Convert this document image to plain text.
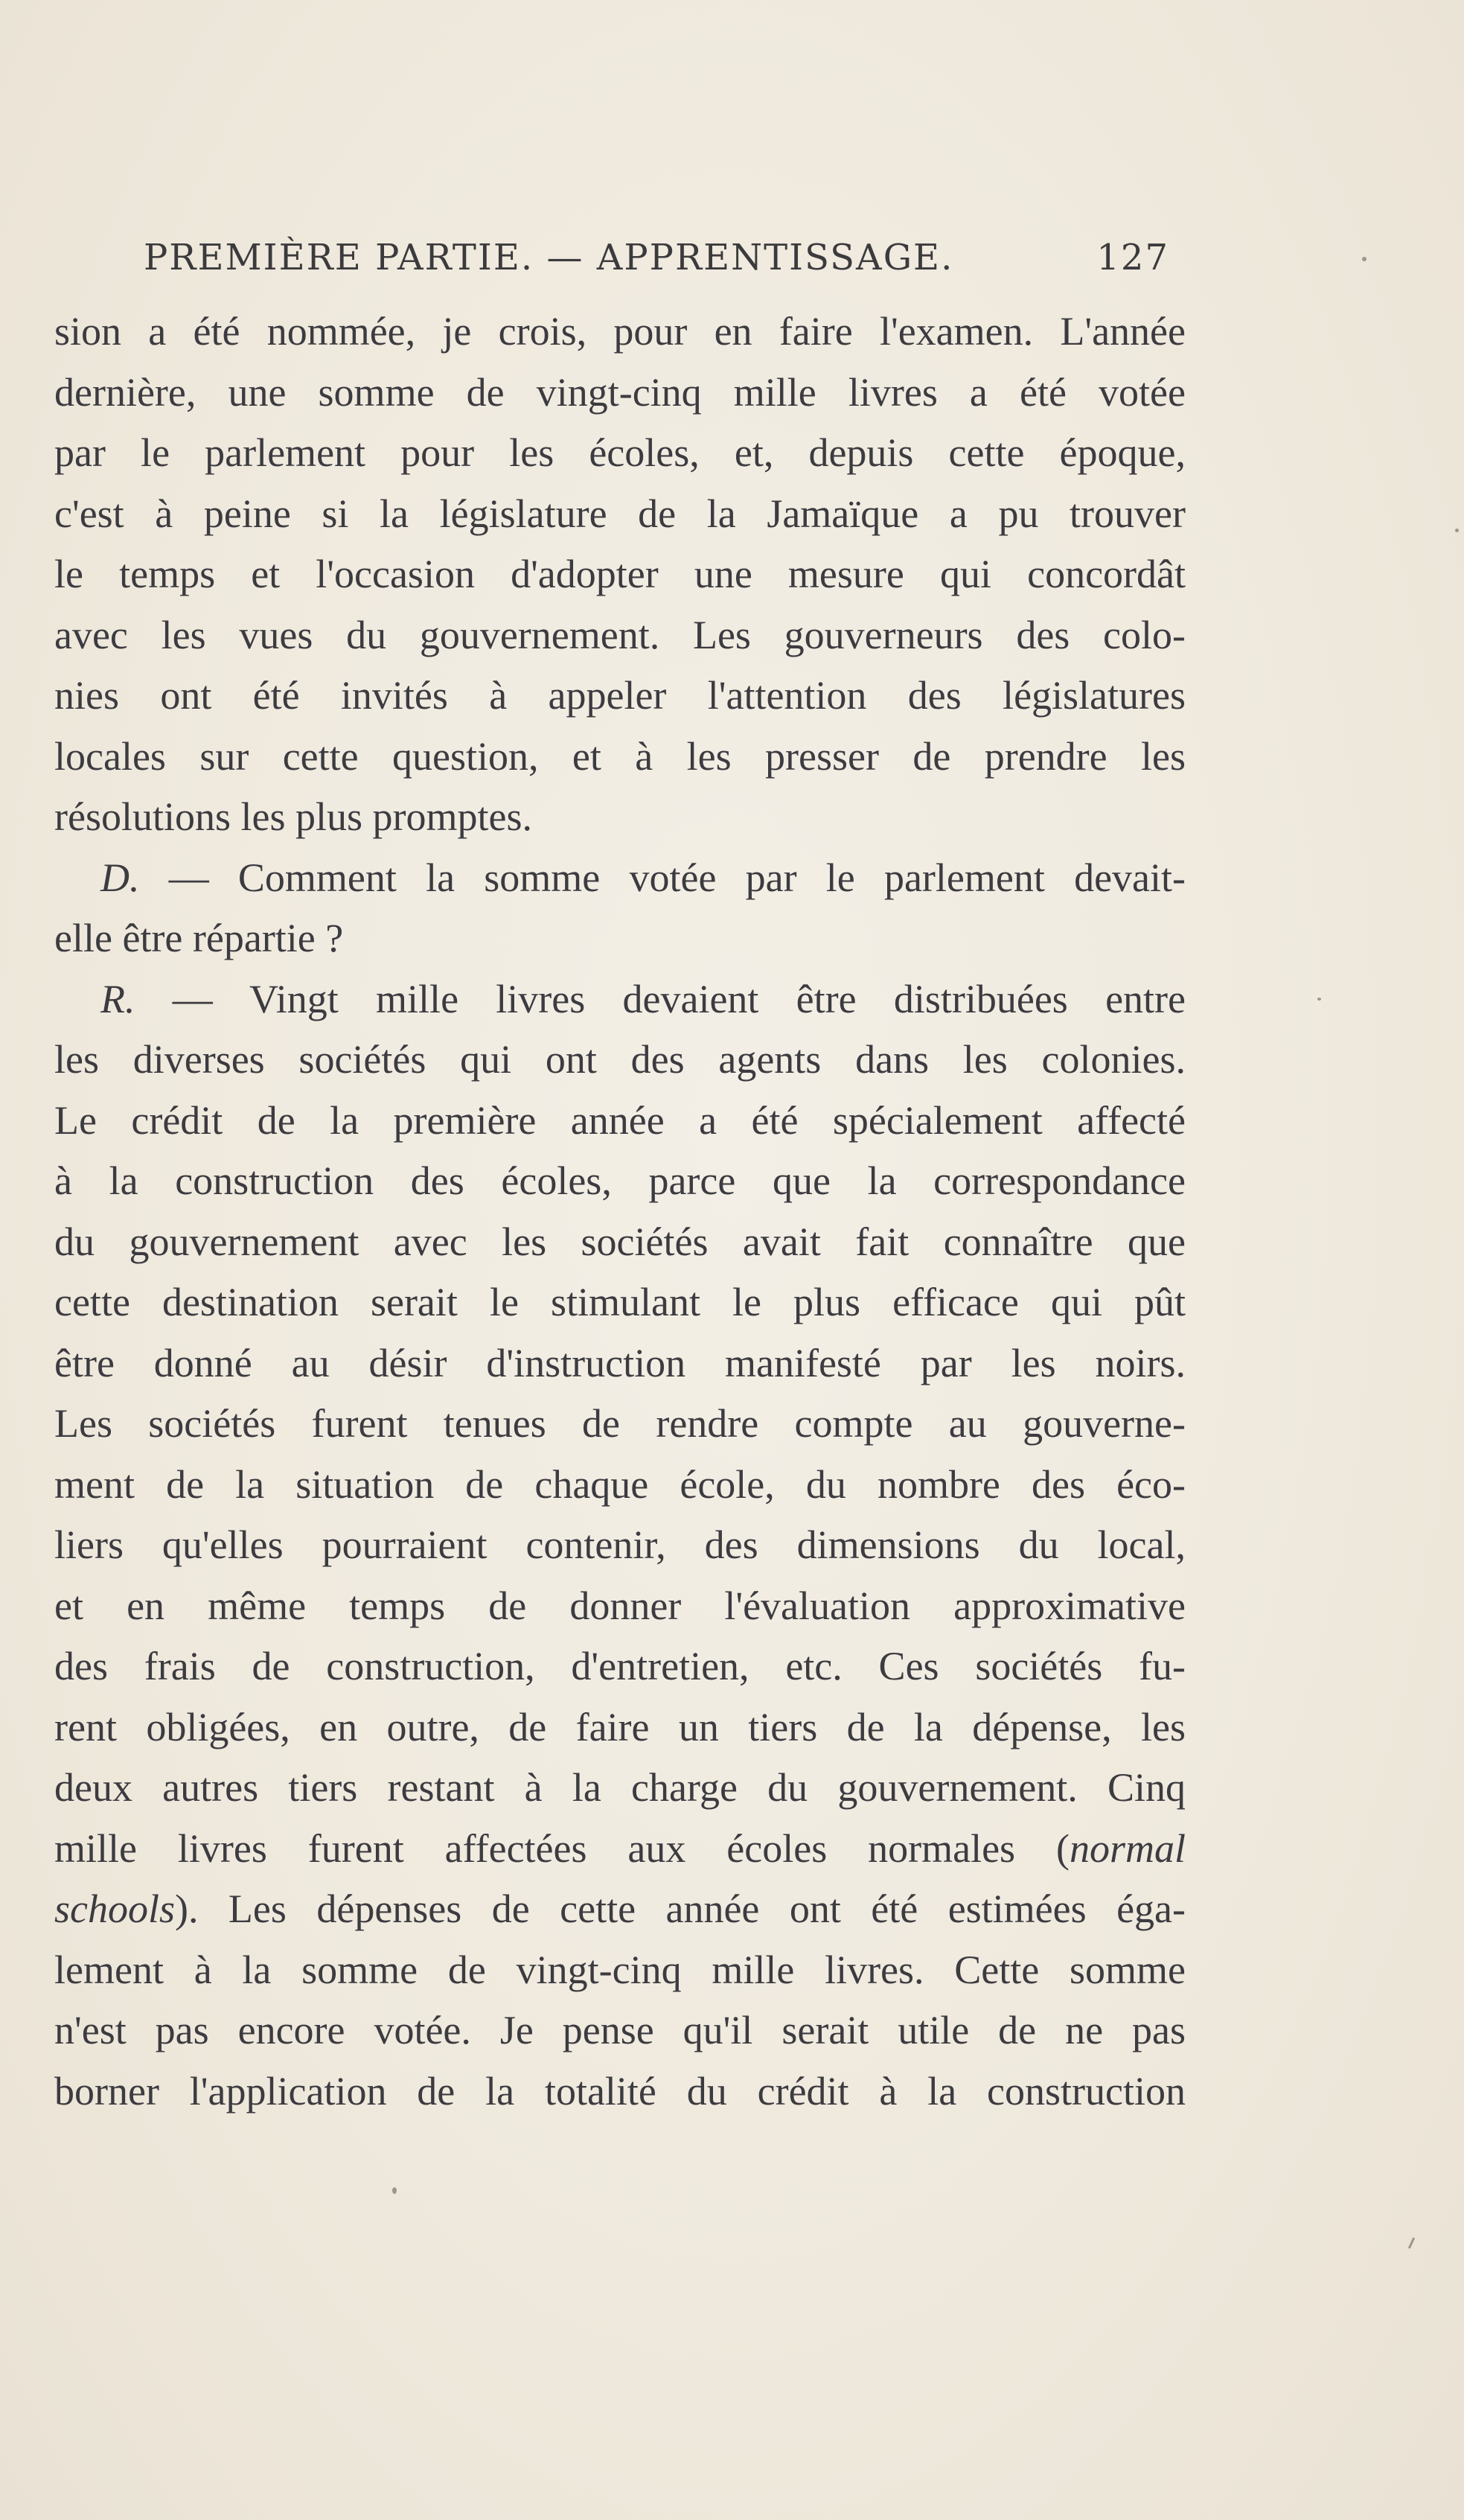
PREMIÈRE PARTIE. — APPRENTISSAGE.	127
sion a été nommée, je crois, pour en faire l'examen. L'année
dernière, une somme de vingt-cinq mille livres a été votée
par le parlement pour les écoles, et, depuis cette époque,
c'est à peine si la législature de la Jamaïque a pu trouver
le temps et l'occasion d'adopter une mesure qui concordât
avec les vues du gouvernement. Les gouverneurs des colo-
nies ont été invités à appeler l'attention des législatures
locales sur cette question, et à les presser de prendre les
résolutions les plus promptes.
D. — Comment la somme votée par le parlement devait-
elle être répartie ?
R. — Vingt mille livres devaient être distribuées entre
les diverses sociétés qui ont des agents dans les colonies.
Le crédit de la première année a été spécialement affecté
à la construction des écoles, parce que la correspondance
du gouvernement avec les sociétés avait fait connaître que
cette destination serait le stimulant le plus efficace qui pût
être donné au désir d'instruction manifesté par les noirs.
Les sociétés furent tenues de rendre compte au gouverne-
ment de la situation de chaque école, du nombre des éco-
liers qu'elles pourraient contenir, des dimensions du local,
et en même temps de donner l'évaluation approximative
des frais de construction, d'entretien, etc. Ces sociétés fu-
rent obligées, en outre, de faire un tiers de la dépense, les
deux autres tiers restant à la charge du gouvernement. Cinq
mille livres furent affectées aux écoles normales (normal
schools). Les dépenses de cette année ont été estimées éga-
lement à la somme de vingt-cinq mille livres. Cette somme
n'est pas encore votée. Je pense qu'il serait utile de ne pas
borner l'application de la totalité du crédit à la construction
